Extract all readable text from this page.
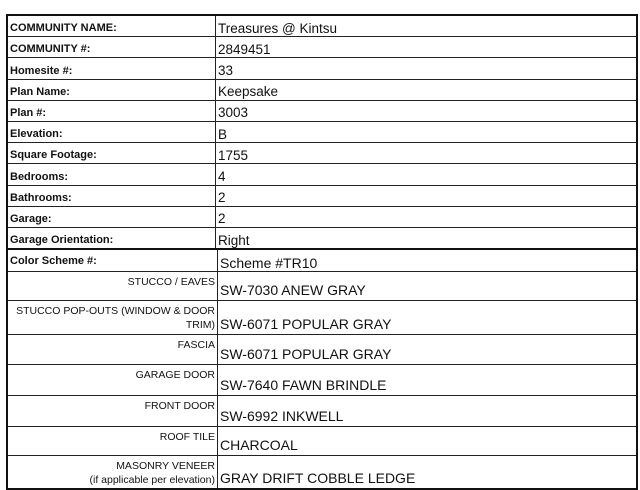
COMMUNITY NAME:	Treasures @ Kintsu
COMMUNITY #:	2849451
Homesite #:	33
Plan Name:	Keepsake
Plan #:	3003
Elevation:	B
Square Footage:	1755
Bedrooms:	4
Bathrooms:	2
Garage:	2
Garage Orientation:	Right
Color Scheme #:	Scheme #TR10
STUCCO / EAVES	SW-7030 ANEW GRAY
STUCCO POP-OUTS (WINDOW & DOOR
TRIM)	SW-6071 POPULAR GRAY
FASCIA	SW-6071 POPULAR GRAY
GARAGE DOOR	SW-7640 FAWN BRINDLE
FRONT DOOR	SW-6992 INKWELL
ROOF TILE	CHARCOAL
MASONRY VENEER
(if applicable per elevation)	GRAY DRIFT COBBLE LEDGE
